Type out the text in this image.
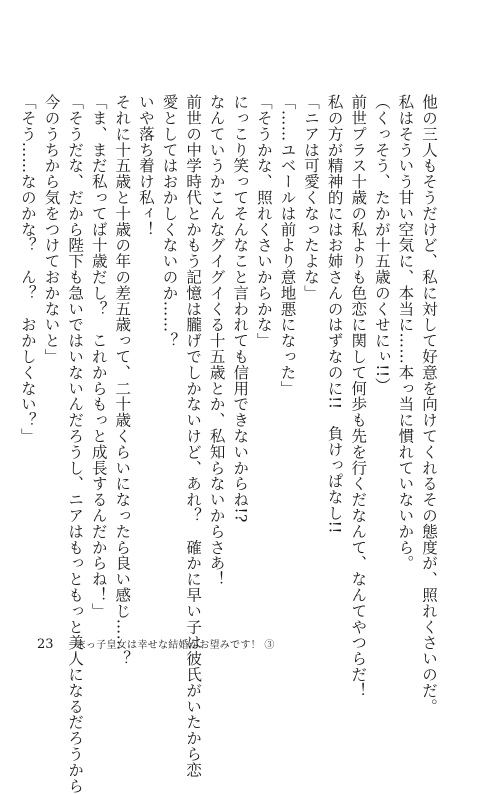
他の三人もそうだけど、私に対して好意を向けてくれるその態度が、照れくさいのだ。
私はそういう甘い空気に、本当に……本っ当に慣れていないから。
（くっそう、たかが十五歳のくせにぃ!!）
前世プラス十歳の私よりも色恋に関して何歩も先を行くだなんて、なんてやつらだ！
私の方が精神的にはお姉さんのはずなのに!!　負けっぱなし!!
「ニアは可愛くなったよな」
「……ユベールは前より意地悪になった」
「そうかな、照れくさいからかな」
にっこり笑ってそんなこと言われても信用できないからね!?
なんていうかこんなグイグイくる十五歳とか、私知らないからさあ！
前世の中学時代とかもう記憶は朧げでしかないけど、あれ？　確かに早い子は彼氏がいたから恋
愛としてはおかしくないのか……？
いや落ち着け私ィ！
それに十五歳と十歳の年の差五歳って、二十歳くらいになったら良い感じ……？
「ま、まだ私ってば十歳だし？　これからもっと成長するんだからね！」
「そうだな、だから陛下も急いではいないんだろうし、ニアはもっともっと美人になるだろうから
今のうちから気をつけておかないと」
「そう……なのかな？　ん？　おかしくない？」
23 末っ子皇女は幸せな結婚がお望みです！ ③
